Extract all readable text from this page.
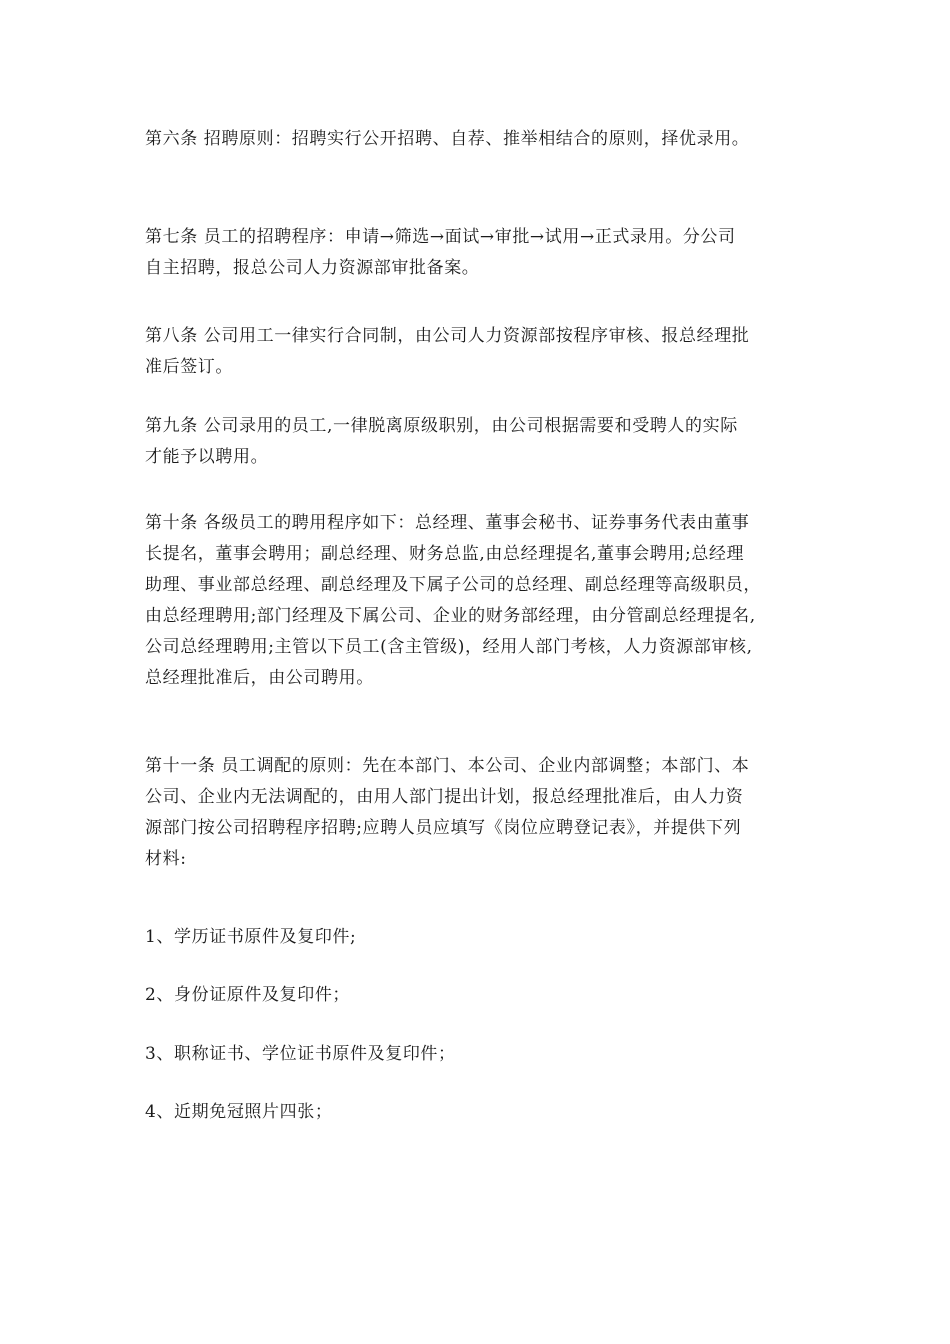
第六条 招聘原则：招聘实行公开招聘、自荐、推举相结合的原则，择优录用。

第七条 员工的招聘程序：申请→筛选→面试→审批→试用→正式录用。分公司
自主招聘，报总公司人力资源部审批备案。

第八条 公司用工一律实行合同制，由公司人力资源部按程序审核、报总经理批
准后签订。

第九条 公司录用的员工,一律脱离原级职别，由公司根据需要和受聘人的实际
才能予以聘用。

第十条 各级员工的聘用程序如下：总经理、董事会秘书、证券事务代表由董事
长提名，董事会聘用；副总经理、财务总监,由总经理提名,董事会聘用;总经理
助理、事业部总经理、副总经理及下属子公司的总经理、副总经理等高级职员，
由总经理聘用;部门经理及下属公司、企业的财务部经理，由分管副总经理提名,
公司总经理聘用;主管以下员工(含主管级)，经用人部门考核，人力资源部审核,
总经理批准后，由公司聘用。

第十一条 员工调配的原则：先在本部门、本公司、企业内部调整；本部门、本
公司、企业内无法调配的，由用人部门提出计划，报总经理批准后，由人力资
源部门按公司招聘程序招聘;应聘人员应填写《岗位应聘登记表》，并提供下列
材料:

1、学历证书原件及复印件;

2、身份证原件及复印件；

3、职称证书、学位证书原件及复印件；

4、近期免冠照片四张；
